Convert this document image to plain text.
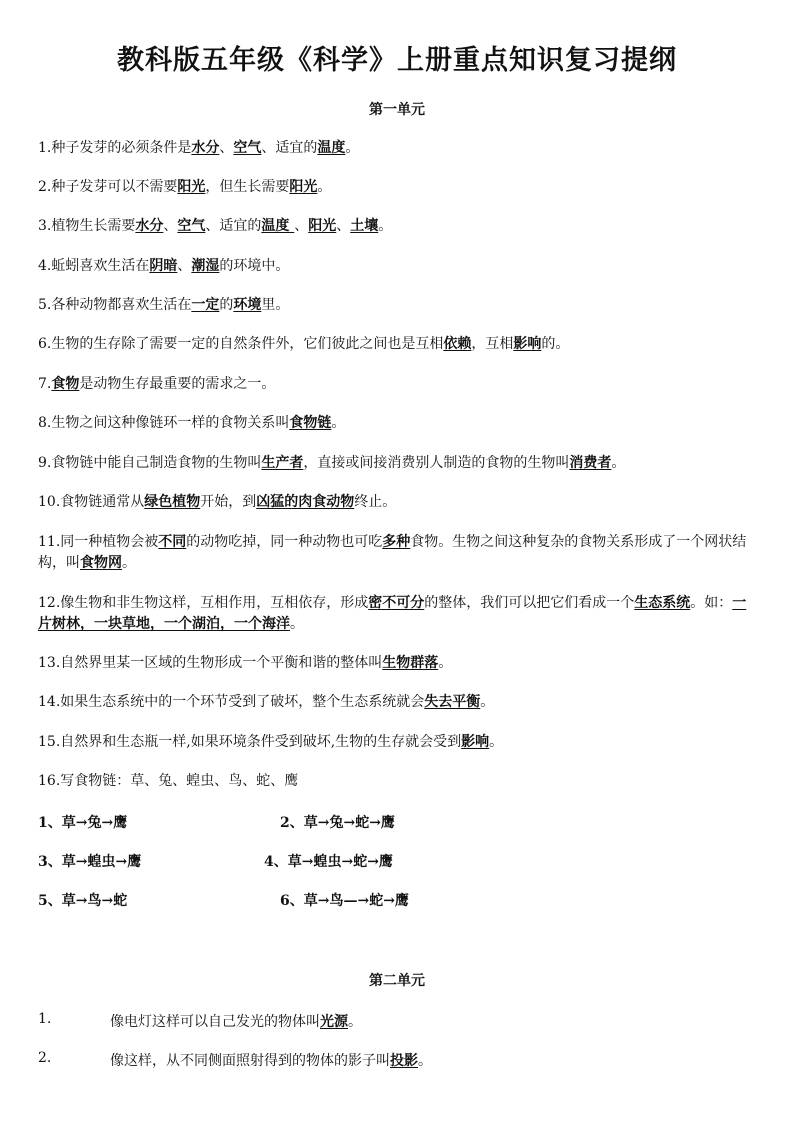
教科版五年级《科学》上册重点知识复习提纲
第一单元
1.种子发芽的必须条件是水分、空气、适宜的温度。
2.种子发芽可以不需要阳光，但生长需要阳光。
3.植物生长需要水分、空气、适宜的温度 、阳光、土壤。
4.蚯蚓喜欢生活在阴暗、潮湿的环境中。
5.各种动物都喜欢生活在一定的环境里。
6.生物的生存除了需要一定的自然条件外，它们彼此之间也是互相依赖，互相影响的。
7.食物是动物生存最重要的需求之一。
8.生物之间这种像链环一样的食物关系叫食物链。
9.食物链中能自己制造食物的生物叫生产者，直接或间接消费别人制造的食物的生物叫消费者。
10.食物链通常从绿色植物开始，到凶猛的肉食动物终止。
11.同一种植物会被不同的动物吃掉，同一种动物也可吃多种食物。生物之间这种复杂的食物关系形成了一个网状结构，叫食物网。
12.像生物和非生物这样，互相作用，互相依存，形成密不可分的整体，我们可以把它们看成一个生态系统。如：一片树林，一块草地，一个湖泊，一个海洋。
13.自然界里某一区域的生物形成一个平衡和谐的整体叫生物群落。
14.如果生态系统中的一个环节受到了破坏，整个生态系统就会失去平衡。
15.自然界和生态瓶一样,如果环境条件受到破坏,生物的生存就会受到影响。
16.写食物链：草、兔、蝗虫、鸟、蛇、鹰
1、草→兔→鹰	2、草→兔→蛇→鹰
3、草→蝗虫→鹰	4、草→蝗虫→蛇→鹰
5、草→鸟→蛇	6、草→鸟—→蛇→鹰
第二单元
1.	像电灯这样可以自己发光的物体叫光源。
2.	像这样，从不同侧面照射得到的物体的影子叫投影。
